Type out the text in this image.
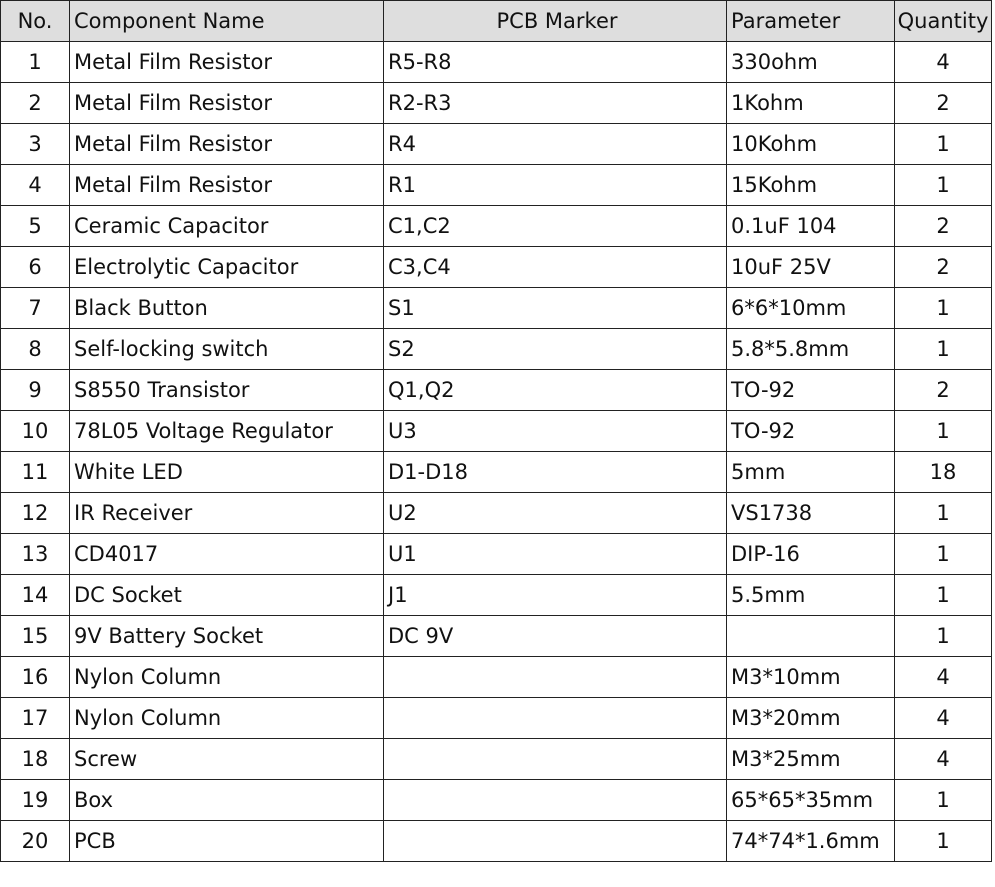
No.	Component Name	PCB Marker	Parameter	Quantity
1	Metal Film Resistor	R5-R8	330ohm	4
2	Metal Film Resistor	R2-R3	1Kohm	2
3	Metal Film Resistor	R4	10Kohm	1
4	Metal Film Resistor	R1	15Kohm	1
5	Ceramic Capacitor	C1,C2	0.1uF 104	2
6	Electrolytic Capacitor	C3,C4	10uF 25V	2
7	Black Button	S1	6*6*10mm	1
8	Self-locking switch	S2	5.8*5.8mm	1
9	S8550 Transistor	Q1,Q2	TO-92	2
10	78L05 Voltage Regulator	U3	TO-92	1
11	White LED	D1-D18	5mm	18
12	IR Receiver	U2	VS1738	1
13	CD4017	U1	DIP-16	1
14	DC Socket	J1	5.5mm	1
15	9V Battery Socket	DC 9V		1
16	Nylon Column		M3*10mm	4
17	Nylon Column		M3*20mm	4
18	Screw		M3*25mm	4
19	Box		65*65*35mm	1
20	PCB		74*74*1.6mm	1
